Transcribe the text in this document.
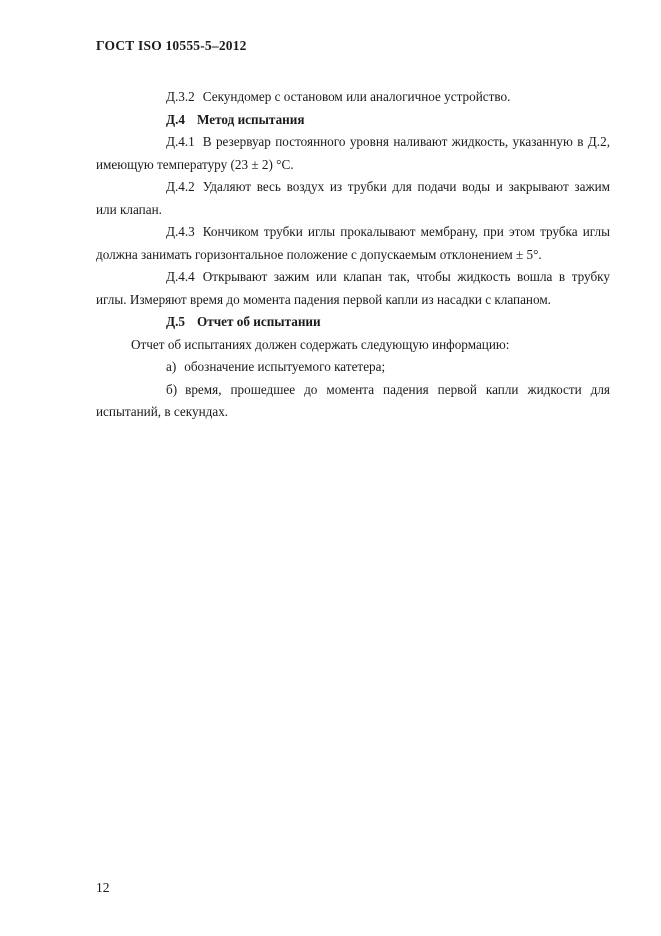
ГОСТ ISO 10555-5–2012

Д.3.2 Секундомер с остановом или аналогичное устройство.

Д.4 Метод испытания

Д.4.1 В резервуар постоянного уровня наливают жидкость, указанную в Д.2, имеющую температуру (23 ± 2) °С.

Д.4.2 Удаляют весь воздух из трубки для подачи воды и закрывают зажим или клапан.

Д.4.3 Кончиком трубки иглы прокалывают мембрану, при этом трубка иглы должна занимать горизонтальное положение с допускаемым отклонением ± 5°.

Д.4.4 Открывают зажим или клапан так, чтобы жидкость вошла в трубку иглы. Измеряют время до момента падения первой капли из насадки с клапаном.

Д.5 Отчет об испытании

Отчет об испытаниях должен содержать следующую информацию:

а) обозначение испытуемого катетера;

б) время, прошедшее до момента падения первой капли жидкости для испытаний, в секундах.

12
